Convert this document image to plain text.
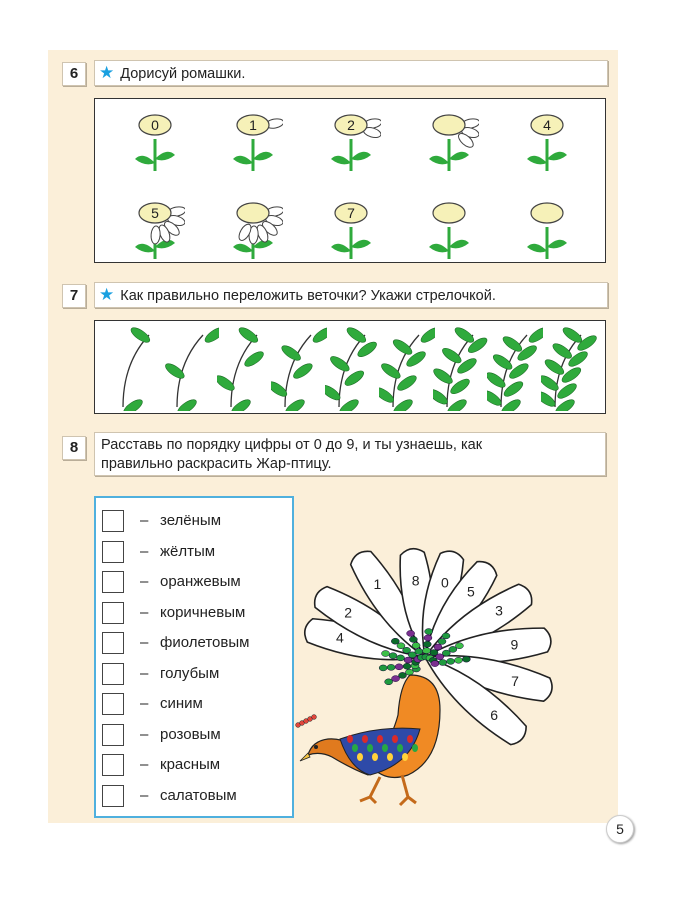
6	★ Дорисуй ромашки.
0	1	2	4
5	7
7	★ Как правильно переложить веточки? Укажи стрелочкой.
8	Расставь по порядку цифры от 0 до 9, и ты узнаешь, как
правильно раскрасить Жар-птицу.
– зелёным
– жёлтым
– оранжевым
– коричневым
– фиолетовым
– голубым
– синим
– розовым
– красным
– салатовым
4
2
1 8 0
5
3
9
7
6
5
